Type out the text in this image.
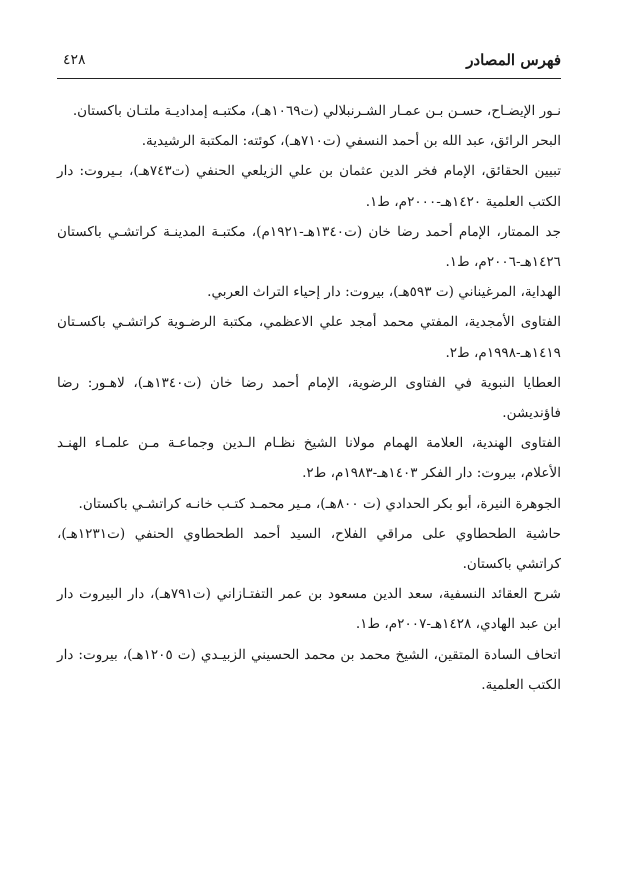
فهرس المصادر
٤٢٨

نـور الإيضـاح، حسـن بـن عمـار الشـرنبلالي (ت١٠٦٩هـ)، مكتبـه إمداديـة ملتـان باكستان.

البحر الرائق، عبد الله بن أحمد النسفي (ت٧١٠هـ)، كوئته: المكتبة الرشيدية.

تبيين الحقائق، الإمام فخر الدين عثمان بن علي الزيلعي الحنفي (ت٧٤٣هـ)، بـيروت: دار الكتب العلمية ١٤٢٠هـ-٢٠٠٠م، ط١.

جد الممتار، الإمام أحمد رضا خان (ت١٣٤٠هـ-١٩٢١م)، مكتبـة المدينـة كراتشـي باكستان ١٤٢٦هـ-٢٠٠٦م، ط١.

الهداية، المرغيناني (ت ٥٩٣هـ)، بيروت: دار إحياء التراث العربي.

الفتاوى الأمجدية، المفتي محمد أمجد علي الاعظمي، مكتبة الرضـوية كراتشـي باكسـتان ١٤١٩هـ-١٩٩٨م، ط٢.

العطايا النبوية في الفتاوى الرضوية، الإمام أحمد رضا خان (ت١٣٤٠هـ)، لاهـور: رضا فاؤنديشن.

الفتاوى الهندية، العلامة الهمام مولانا الشيخ نظـام الـدين وجماعـة مـن علمـاء الهنـد الأعلام، بيروت: دار الفكر ١٤٠٣هـ-١٩٨٣م، ط٢.

الجوهرة النيرة، أبو بكر الحدادي (ت ٨٠٠هـ)، مـير محمـد كتـب خانـه كراتشـي باكستان.

حاشية الطحطاوي على مراقي الفلاح، السيد أحمد الطحطاوي الحنفي (ت١٢٣١هـ)، كراتشي باكستان.

شرح العقائد النسفية، سعد الدين مسعود بن عمر التفتـازاني (ت٧٩١هـ)، دار البيروت دار ابن عبد الهادي، ١٤٢٨هـ-٢٠٠٧م، ط١.

اتحاف السادة المتقين، الشيخ محمد بن محمد الحسيني الزبيـدي (ت ١٢٠٥هـ)، بيروت: دار الكتب العلمية.
